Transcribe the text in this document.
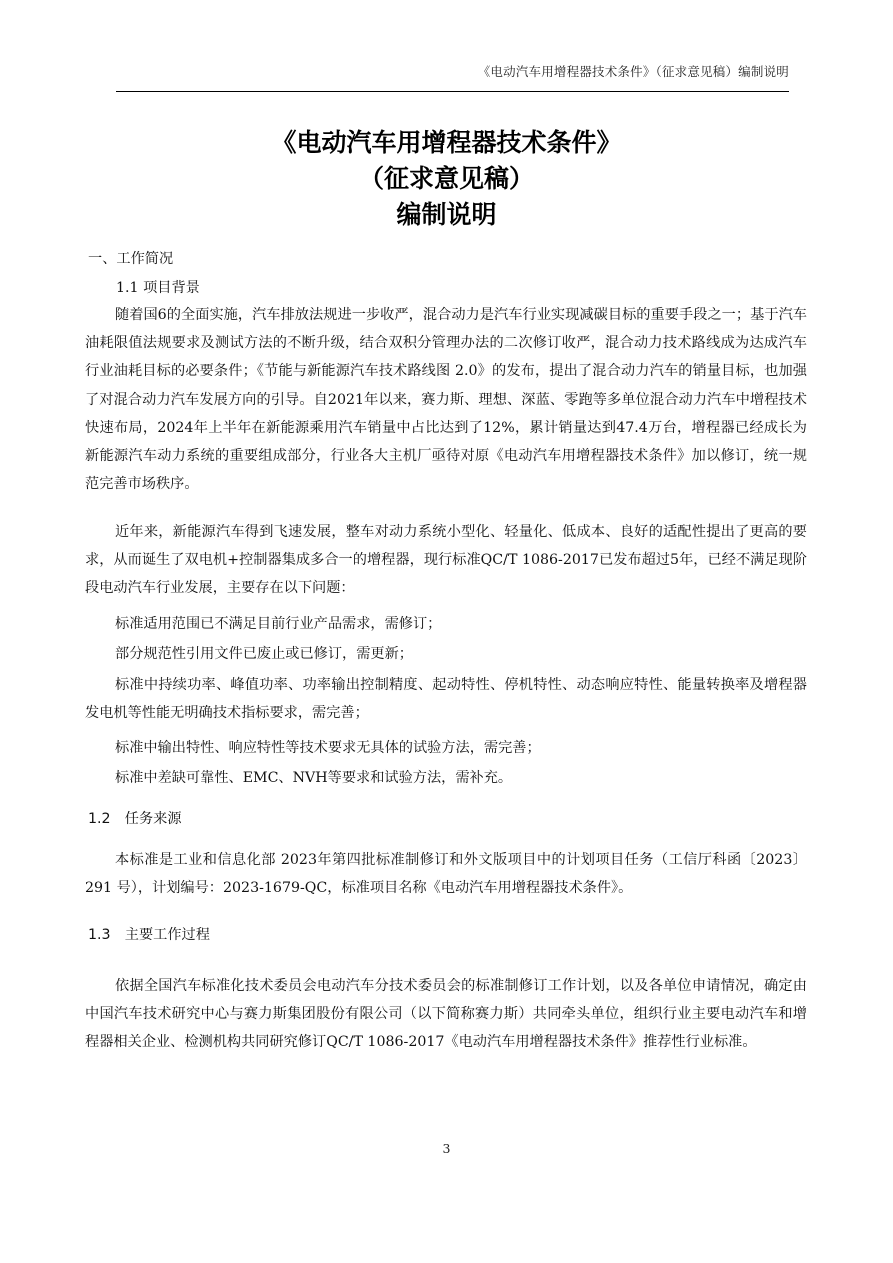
《电动汽车用增程器技术条件》（征求意见稿）编制说明
《电动汽车用增程器技术条件》
（征求意见稿）
编制说明
一、工作简况
1.1 项目背景
随着国6的全面实施，汽车排放法规进一步收严，混合动力是汽车行业实现减碳目标的重要手段之一；基于汽车油耗限值法规要求及测试方法的不断升级，结合双积分管理办法的二次修订收严，混合动力技术路线成为达成汽车行业油耗目标的必要条件；《节能与新能源汽车技术路线图 2.0》的发布，提出了混合动力汽车的销量目标，也加强了对混合动力汽车发展方向的引导。自2021年以来，赛力斯、理想、深蓝、零跑等多单位混合动力汽车中增程技术快速布局，2024年上半年在新能源乘用汽车销量中占比达到了12%，累计销量达到47.4万台，增程器已经成长为新能源汽车动力系统的重要组成部分，行业各大主机厂亟待对原《电动汽车用增程器技术条件》加以修订，统一规范完善市场秩序。
近年来，新能源汽车得到飞速发展，整车对动力系统小型化、轻量化、低成本、良好的适配性提出了更高的要求，从而诞生了双电机+控制器集成多合一的增程器，现行标准QC/T 1086-2017已发布超过5年，已经不满足现阶段电动汽车行业发展，主要存在以下问题：
标准适用范围已不满足目前行业产品需求，需修订；
部分规范性引用文件已废止或已修订，需更新；
标准中持续功率、峰值功率、功率输出控制精度、起动特性、停机特性、动态响应特性、能量转换率及增程器发电机等性能无明确技术指标要求，需完善；
标准中输出特性、响应特性等技术要求无具体的试验方法，需完善；
标准中差缺可靠性、EMC、NVH等要求和试验方法，需补充。
1.2　任务来源
本标准是工业和信息化部 2023年第四批标准制修订和外文版项目中的计划项目任务（工信厅科函〔2023〕291 号），计划编号：2023-1679-QC，标准项目名称《电动汽车用增程器技术条件》。
1.3　主要工作过程
依据全国汽车标准化技术委员会电动汽车分技术委员会的标准制修订工作计划，以及各单位申请情况，确定由中国汽车技术研究中心与赛力斯集团股份有限公司（以下简称赛力斯）共同牵头单位，组织行业主要电动汽车和增程器相关企业、检测机构共同研究修订QC/T 1086-2017《电动汽车用增程器技术条件》推荐性行业标准。
3
